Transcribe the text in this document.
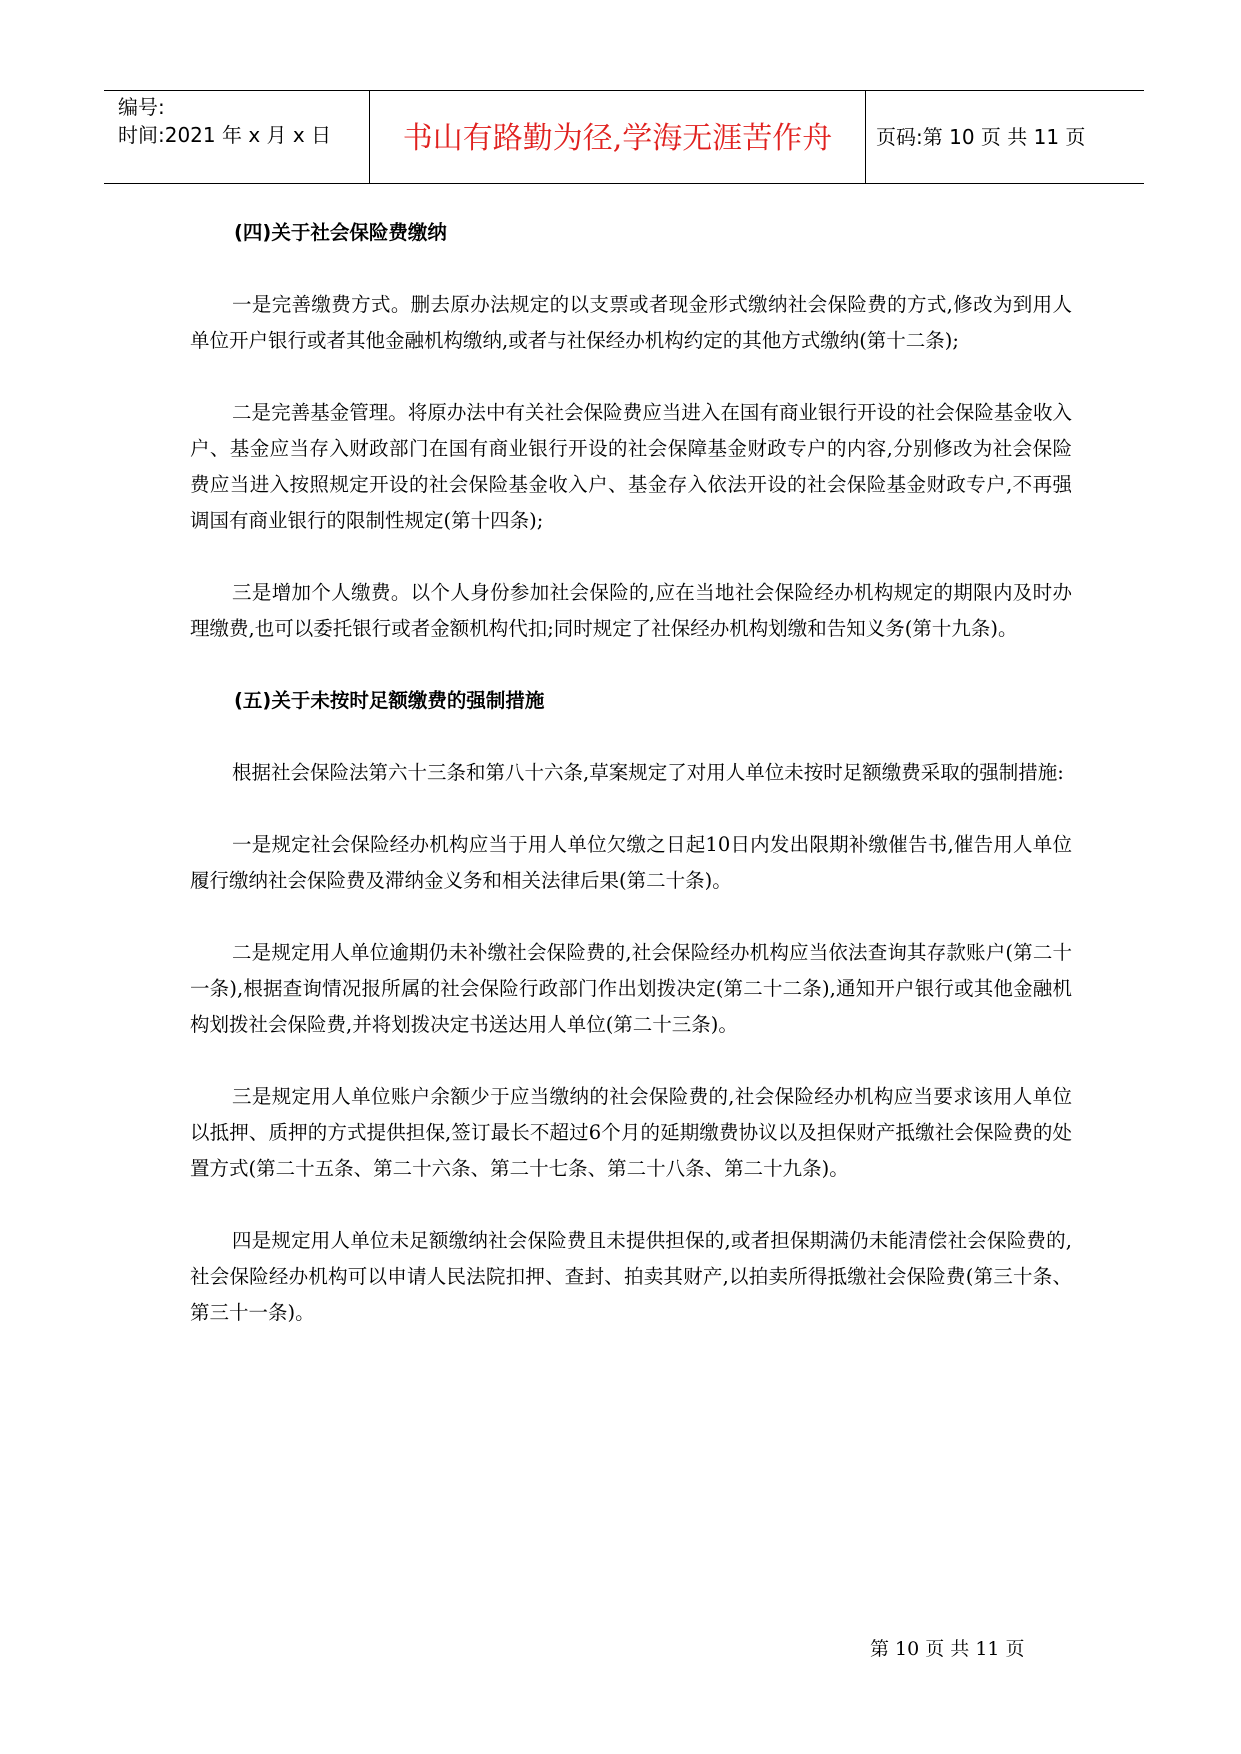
编号:
时间:2021 年 x 月 x 日	书山有路勤为径,学海无涯苦作舟	页码:第 10 页 共 11 页
(四)关于社会保险费缴纳

一是完善缴费方式。删去原办法规定的以支票或者现金形式缴纳社会保险费的方式,修改为到用人单位开户银行或者其他金融机构缴纳,或者与社保经办机构约定的其他方式缴纳(第十二条);

二是完善基金管理。将原办法中有关社会保险费应当进入在国有商业银行开设的社会保险基金收入户、基金应当存入财政部门在国有商业银行开设的社会保障基金财政专户的内容,分别修改为社会保险费应当进入按照规定开设的社会保险基金收入户、基金存入依法开设的社会保险基金财政专户,不再强调国有商业银行的限制性规定(第十四条);

三是增加个人缴费。以个人身份参加社会保险的,应在当地社会保险经办机构规定的期限内及时办理缴费,也可以委托银行或者金额机构代扣;同时规定了社保经办机构划缴和告知义务(第十九条)。

(五)关于未按时足额缴费的强制措施

根据社会保险法第六十三条和第八十六条,草案规定了对用人单位未按时足额缴费采取的强制措施:

一是规定社会保险经办机构应当于用人单位欠缴之日起10日内发出限期补缴催告书,催告用人单位履行缴纳社会保险费及滞纳金义务和相关法律后果(第二十条)。

二是规定用人单位逾期仍未补缴社会保险费的,社会保险经办机构应当依法查询其存款账户(第二十一条),根据查询情况报所属的社会保险行政部门作出划拨决定(第二十二条),通知开户银行或其他金融机构划拨社会保险费,并将划拨决定书送达用人单位(第二十三条)。

三是规定用人单位账户余额少于应当缴纳的社会保险费的,社会保险经办机构应当要求该用人单位以抵押、质押的方式提供担保,签订最长不超过6个月的延期缴费协议以及担保财产抵缴社会保险费的处置方式(第二十五条、第二十六条、第二十七条、第二十八条、第二十九条)。

四是规定用人单位未足额缴纳社会保险费且未提供担保的,或者担保期满仍未能清偿社会保险费的,社会保险经办机构可以申请人民法院扣押、查封、拍卖其财产,以拍卖所得抵缴社会保险费(第三十条、第三十一条)。

第 10 页 共 11 页
